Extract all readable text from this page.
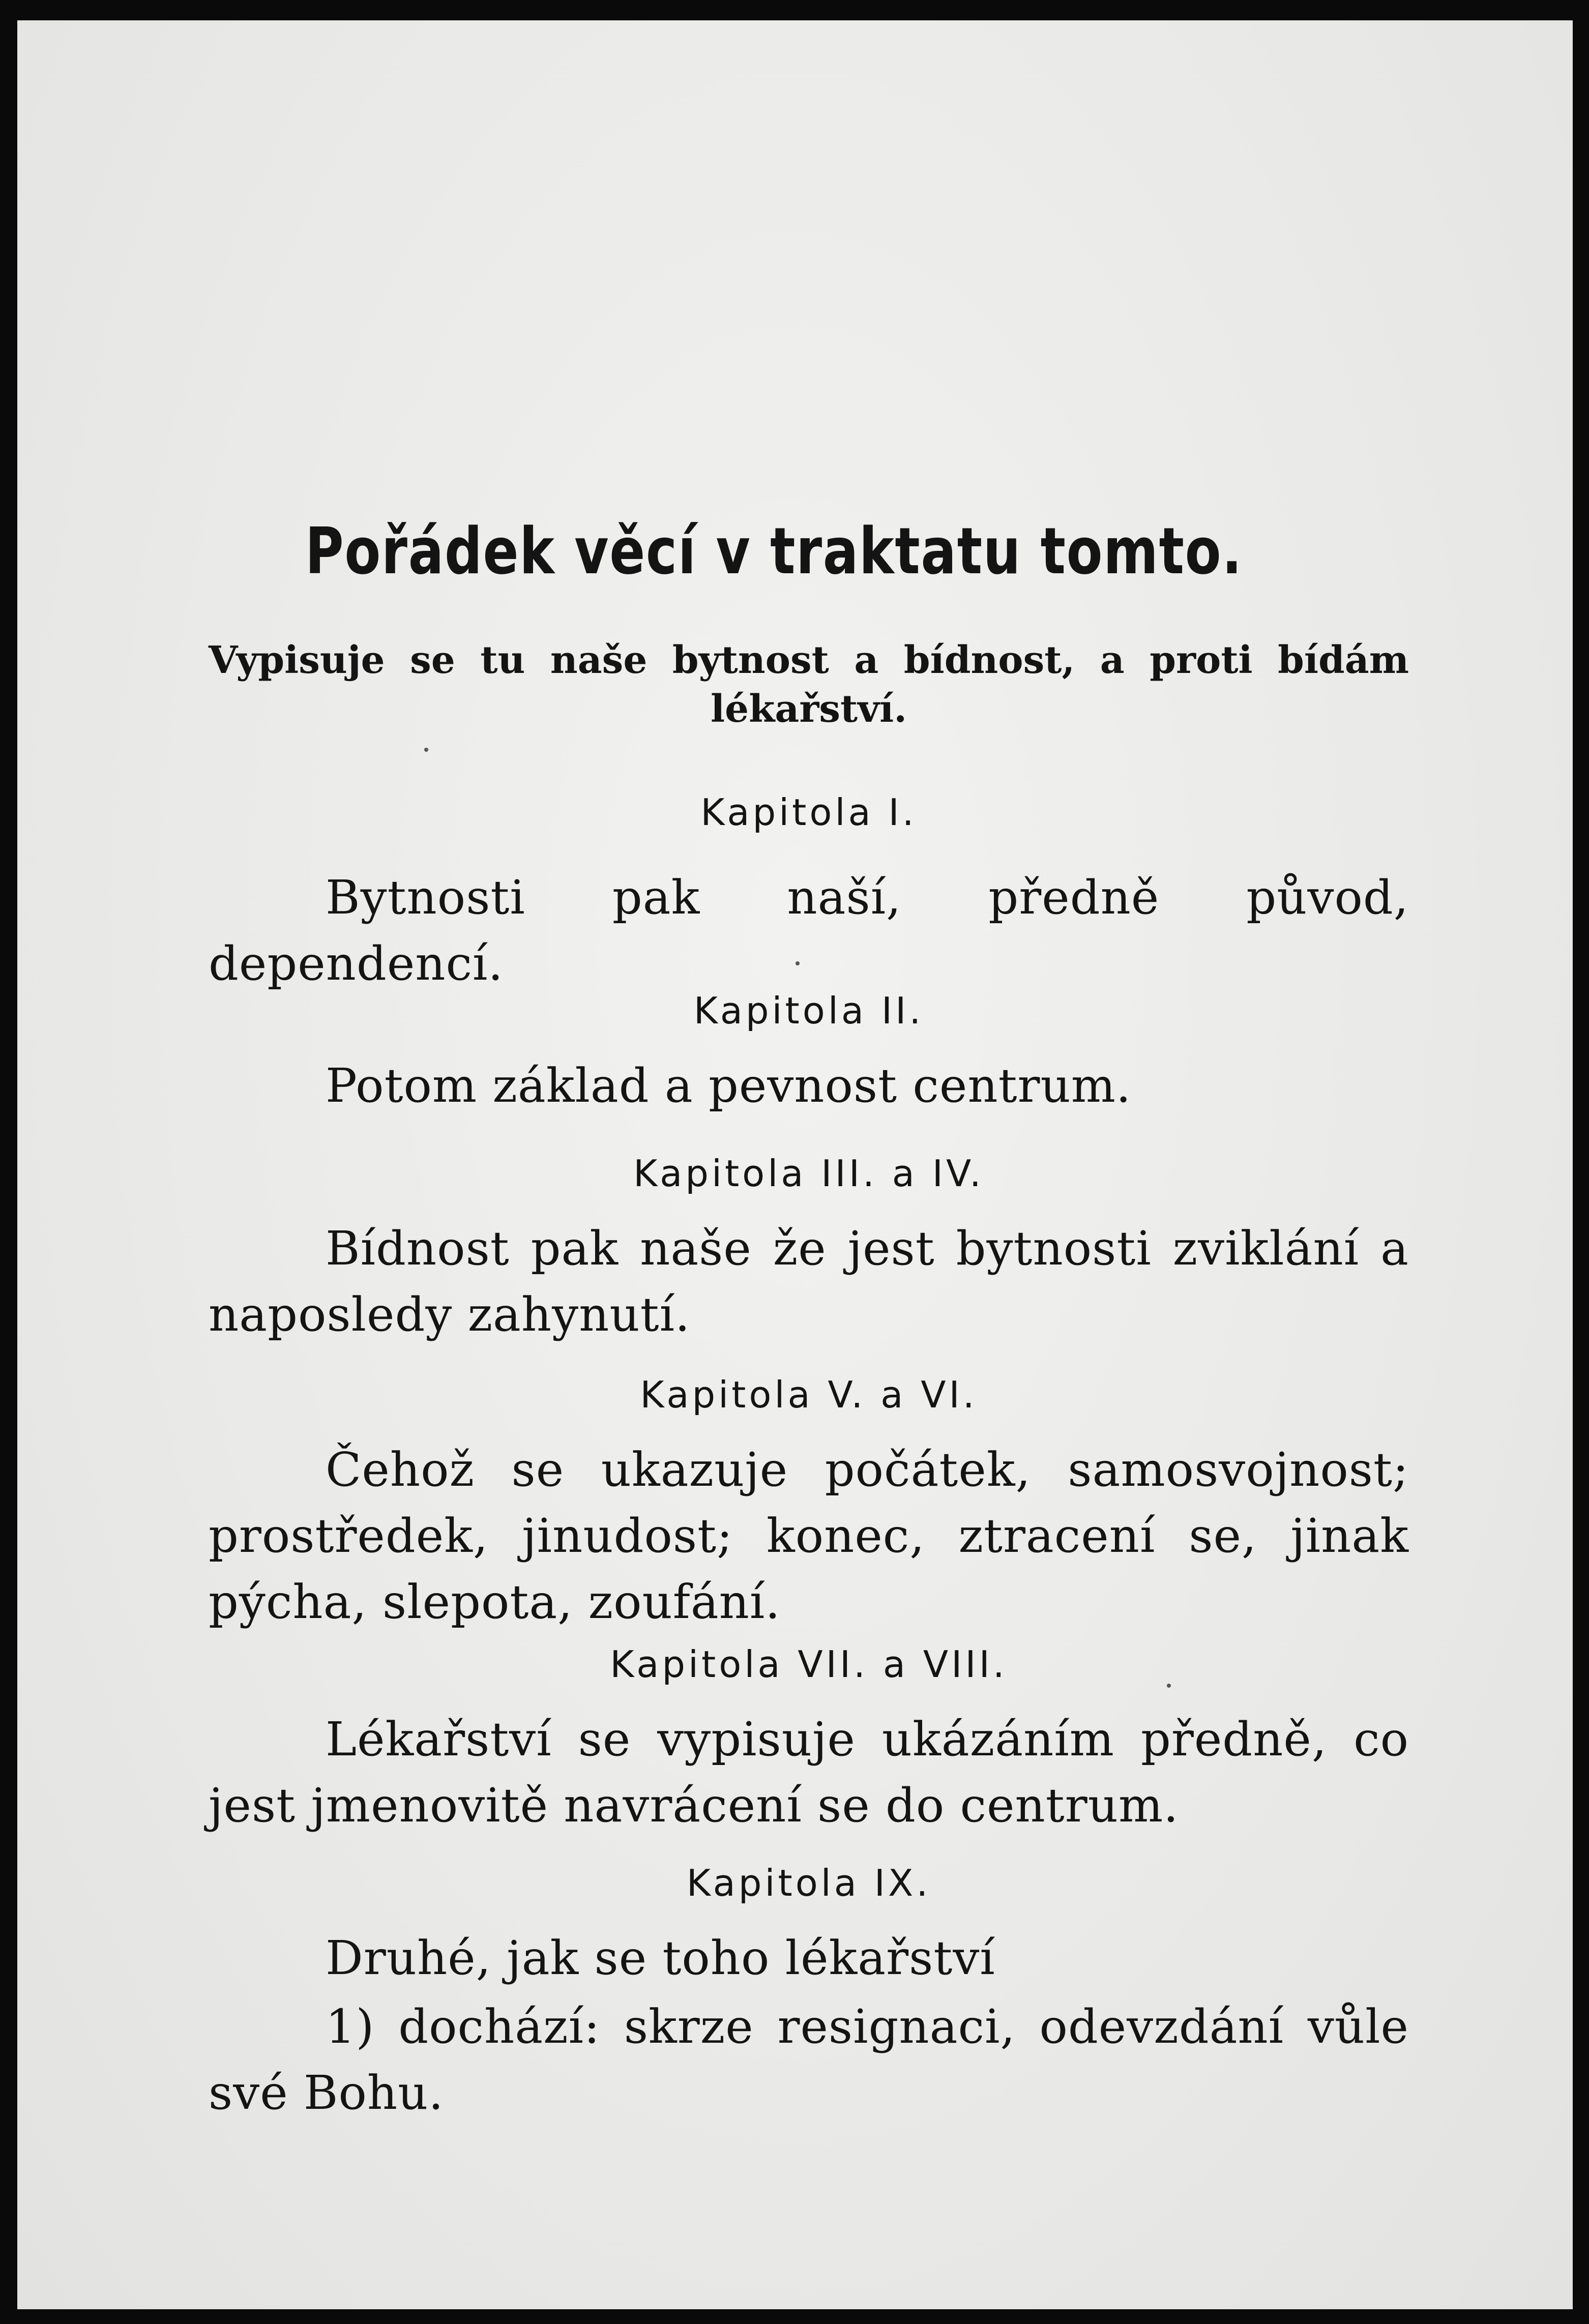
Pořádek věcí v traktatu tomto.
Vypisuje se tu naše bytnost a bídnost, a proti bídám lékařství.
Kapitola I.
Bytnosti pak naší, předně původ, dependencí.
Kapitola II.
Potom základ a pevnost centrum.
Kapitola III. a IV.
Bídnost pak naše že jest bytnosti zviklání a naposledy zahynutí.
Kapitola V. a VI.
Čehož se ukazuje počátek, samosvojnost; prostředek, jinudost; konec, ztracení se, jinak pýcha, slepota, zoufání.
Kapitola VII. a VIII.
Lékařství se vypisuje ukázáním předně, co jest jmenovitě navrácení se do centrum.
Kapitola IX.
Druhé, jak se toho lékařství
1) dochází: skrze resignaci, odevzdání vůle své Bohu.
